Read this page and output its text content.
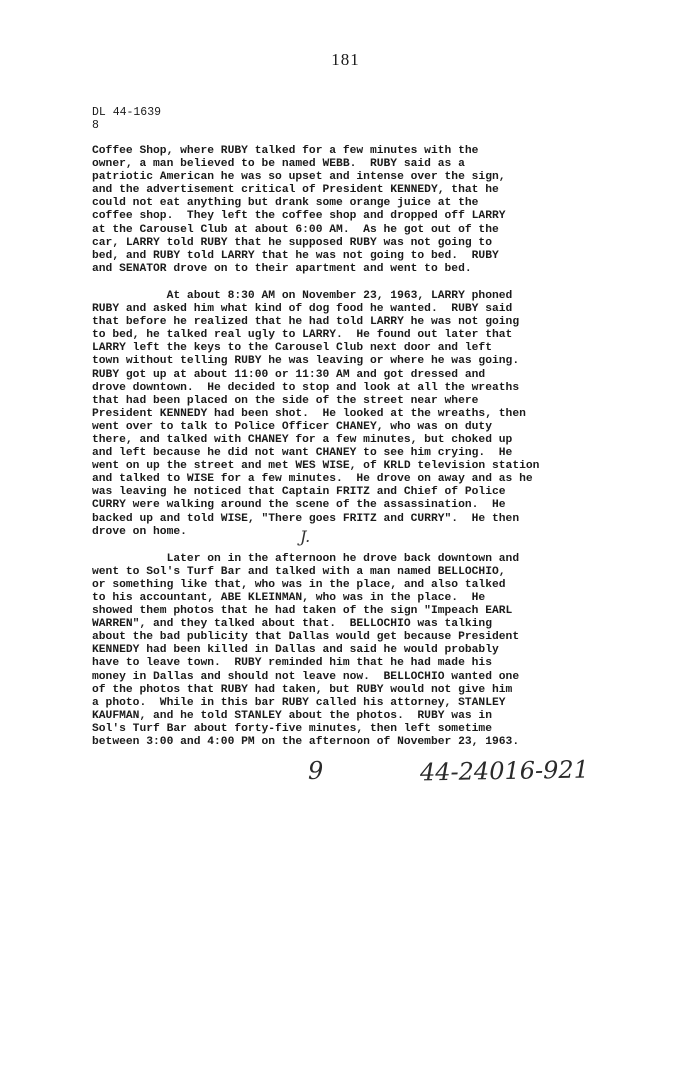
181
DL 44-1639
8
Coffee Shop, where RUBY talked for a few minutes with the
owner, a man believed to be named WEBB.  RUBY said as a
patriotic American he was so upset and intense over the sign,
and the advertisement critical of President KENNEDY, that he
could not eat anything but drank some orange juice at the
coffee shop.  They left the coffee shop and dropped off LARRY
at the Carousel Club at about 6:00 AM.  As he got out of the
car, LARRY told RUBY that he supposed RUBY was not going to
bed, and RUBY told LARRY that he was not going to bed.  RUBY
and SENATOR drove on to their apartment and went to bed.
At about 8:30 AM on November 23, 1963, LARRY phoned
RUBY and asked him what kind of dog food he wanted.  RUBY said
that before he realized that he had told LARRY he was not going
to bed, he talked real ugly to LARRY.  He found out later that
LARRY left the keys to the Carousel Club next door and left
town without telling RUBY he was leaving or where he was going.
RUBY got up at about 11:00 or 11:30 AM and got dressed and
drove downtown.  He decided to stop and look at all the wreaths
that had been placed on the side of the street near where
President KENNEDY had been shot.  He looked at the wreaths, then
went over to talk to Police Officer CHANEY, who was on duty
there, and talked with CHANEY for a few minutes, but choked up
and left because he did not want CHANEY to see him crying.  He
went on up the street and met WES WISE, of KRLD television station
and talked to WISE for a few minutes.  He drove on away and as he
was leaving he noticed that Captain FRITZ and Chief of Police
CURRY were walking around the scene of the assassination.  He
backed up and told WISE, "There goes FRITZ and CURRY".  He then
drove on home.
Later on in the afternoon he drove back downtown and
went to Sol's Turf Bar and talked with a man named BELLOCHIO,
or something like that, who was in the place, and also talked
to his accountant, ABE KLEINMAN, who was in the place.  He
showed them photos that he had taken of the sign "Impeach EARL
WARREN", and they talked about that.  BELLOCHIO was talking
about the bad publicity that Dallas would get because President
KENNEDY had been killed in Dallas and said he would probably
have to leave town.  RUBY reminded him that he had made his
money in Dallas and should not leave now.  BELLOCHIO wanted one
of the photos that RUBY had taken, but RUBY would not give him
a photo.  While in this bar RUBY called his attorney, STANLEY
KAUFMAN, and he told STANLEY about the photos.  RUBY was in
Sol's Turf Bar about forty-five minutes, then left sometime
between 3:00 and 4:00 PM on the afternoon of November 23, 1963.
J.
9	44-24016-921
